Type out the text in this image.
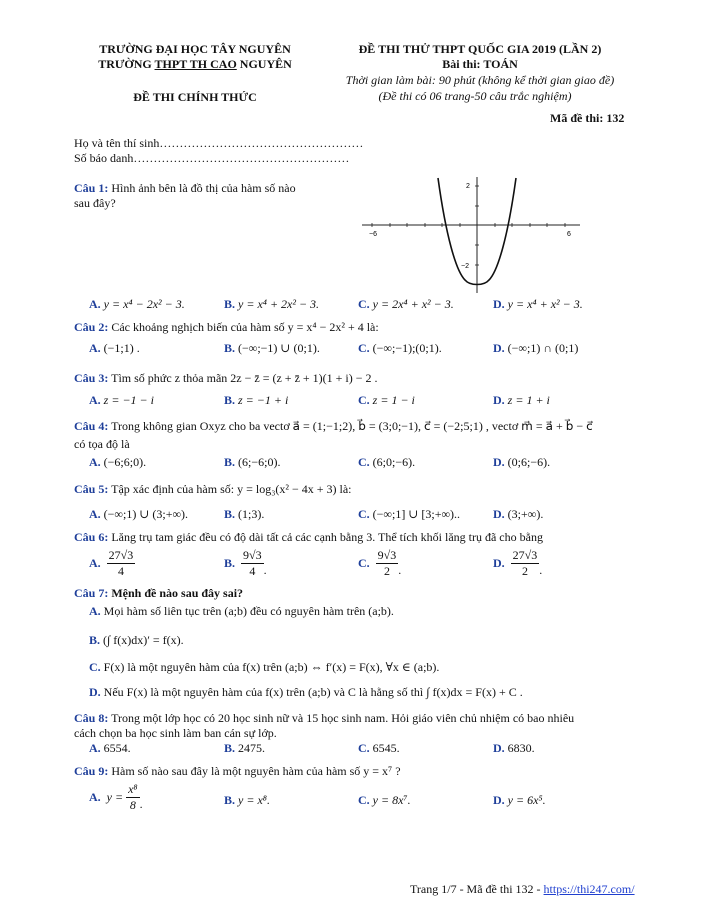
TRƯỜNG ĐẠI HỌC TÂY NGUYÊN
TRƯỜNG THPT TH CAO NGUYÊN
ĐỀ THI CHÍNH THỨC
ĐỀ THI THỬ THPT QUỐC GIA 2019 (LẦN 2)
Bài thi: TOÁN
Thời gian làm bài: 90 phút (không kể thời gian giao đề)
(Đề thi có 06 trang-50 câu trắc nghiệm)
Mã đề thi: 132
Họ và tên thí sinh……………………………………………
Số báo danh………………………………………………
−6	6
2
−2
Câu 1: Hình ảnh bên là đồ thị của hàm số nào
sau đây?
A. y = x⁴ − 2x² − 3.	B. y = x⁴ + 2x² − 3.	C. y = 2x⁴ + x² − 3.	D. y = x⁴ + x² − 3.
Câu 2: Các khoảng nghịch biến của hàm số y = x⁴ − 2x² + 4 là:
A. (−1;1) .	B. (−∞;−1) ∪ (0;1).	C. (−∞;−1);(0;1).	D. (−∞;1) ∩ (0;1)
Câu 3: Tìm số phức z thỏa mãn 2z − z̄ = (z + z̄ + 1)(1 + i) − 2 .
A. z = −1 − i	B. z = −1 + i	C. z = 1 − i	D. z = 1 + i
Câu 4: Trong không gian Oxyz cho ba vectơ a⃗ = (1;−1;2), b⃗ = (3;0;−1), c⃗ = (−2;5;1) , vectơ m⃗ = a⃗ + b⃗ − c⃗
có tọa độ là
A. (−6;6;0).	B. (6;−6;0).	C. (6;0;−6).	D. (0;6;−6).
Câu 5: Tập xác định của hàm số: y = log₃(x² − 4x + 3) là:
A. (−∞;1) ∪ (3;+∞).	B. (1;3).	C. (−∞;1] ∪ [3;+∞)..	D. (3;+∞).
Câu 6: Lăng trụ tam giác đều có độ dài tất cả các cạnh bằng 3. Thể tích khối lăng trụ đã cho bằng
A. $\frac{27√3}{4}$	B. $\frac{9√3}{4}$ .	C. $\frac{9√3}{2}$ .	D. $\frac{27√3}{2}$ .
Câu 7: Mệnh đề nào sau đây sai?
A. Mọi hàm số liên tục trên (a;b) đều có nguyên hàm trên (a;b).
B. (∫ f(x)dx)′ = f(x).
C. F(x) là một nguyên hàm của f(x) trên (a;b) ⇔ f′(x) = F(x), ∀x ∈ (a;b).
D. Nếu F(x) là một nguyên hàm của f(x) trên (a;b) và C là hằng số thì ∫ f(x)dx = F(x) + C .
Câu 8: Trong một lớp học có 20 học sinh nữ và 15 học sinh nam. Hỏi giáo viên chủ nhiệm có bao nhiêu
cách chọn ba học sinh làm ban cán sự lớp.
A. 6554.	B. 2475.	C. 6545.	D. 6830.
Câu 9: Hàm số nào sau đây là một nguyên hàm của hàm số y = x⁷ ?
A. $y = \frac{\text{x⁸}}{8}$ .	B. y = x⁸.	C. y = 8x⁷.	D. y = 6x⁵.
Trang 1/7 - Mã đề thi 132 - https://thi247.com/
